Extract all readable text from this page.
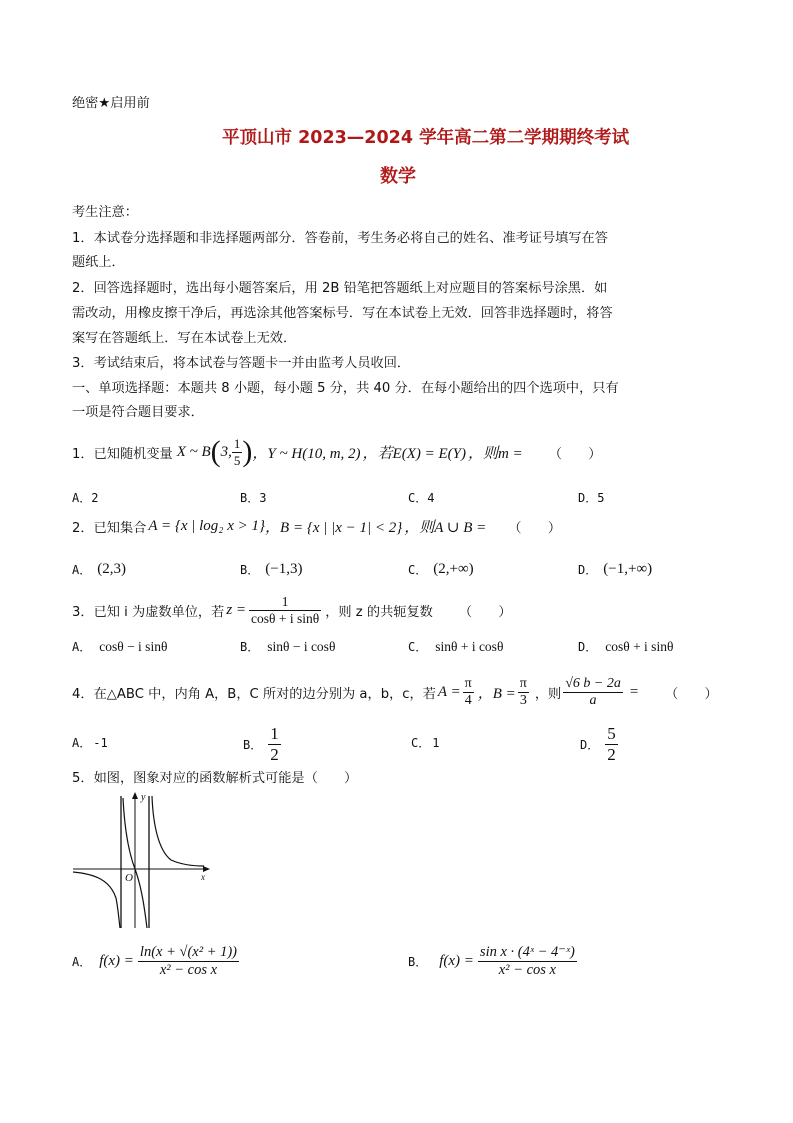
绝密★启用前
平顶山市 2023—2024 学年高二第二学期期终考试
数学
考生注意：
1．本试卷分选择题和非选择题两部分．答卷前，考生务必将自己的姓名、准考证号填写在答
题纸上．
2．回答选择题时，选出每小题答案后，用 2B 铅笔把答题纸上对应题目的答案标号涂黑．如
需改动，用橡皮擦干净后，再选涂其他答案标号．写在本试卷上无效．回答非选择题时，将答
案写在答题纸上．写在本试卷上无效．
3．考试结束后，将本试卷与答题卡一并由监考人员收回．
一、单项选择题：本题共 8 小题，每小题 5 分，共 40 分．在每小题给出的四个选项中，只有
一项是符合题目要求．
1．已知随机变量 X ~ B ( 3, $\frac{1}{5}$ ) ，Y ~ H(10, m, 2) ，若E(X) = E(Y) ，则m = （　　）
A．2	B．3	C．4	D．5
2．已知集合 A = {x | log₂ x > 1} ，B = {x | |x − 1| < 2} ，则A ∪ B = （　　）
A． (2,3)	B． (−1,3)	C． (2,+∞)	D． (−1,+∞)
3．已知 i 为虚数单位，若 $z = \frac{1}{\text{cosθ + i sinθ}}$ ，则 z 的共轭复数 （　　）
A． cosθ − i sinθ	B． sinθ − i cosθ	C． sinθ + i cosθ	D． cosθ + i sinθ
4．在△ABC 中，内角 A，B，C 所对的边分别为 a，b，c，若 $A = \frac{\pi}{4}$ ，$B = \frac{\pi}{3}$ ，则 $\frac{√6 b - 2a}{a}$ = （　　）
A． -1	B． $\frac{1}{2}$	C． 1	D． $\frac{5}{2}$
5．如图，图象对应的函数解析式可能是（　　）
y
x
O
A． $f(x) = \frac{\text{ln(x + √(x² + 1))}}{\text{x² − cos x}}$	B． $f(x) = \frac{\text{sin x · (4ˣ − 4⁻ˣ)}}{\text{x² − cos x}}$
